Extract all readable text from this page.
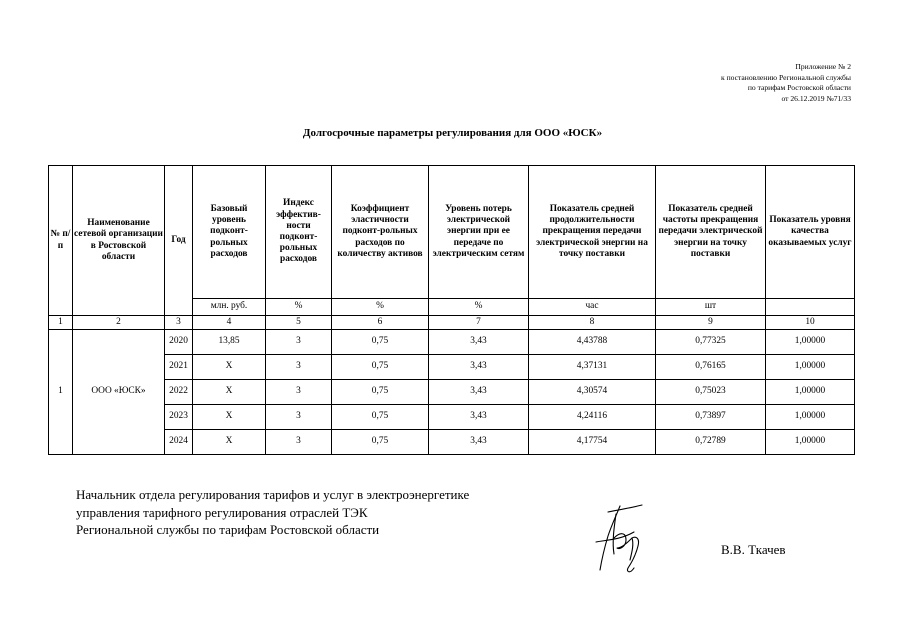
Приложение № 2
к постановлению Региональной службы
по тарифам Ростовской области
от 26.12.2019 №71/33
Долгосрочные параметры регулирования для ООО «ЮСК»
№ п/п	Наименование сетевой организации в Ростовской области	Год	Базовый уровень подконт-рольных расходов	Индекс эффектив-ности подконт-рольных расходов	Коэффициент эластичности подконт-рольных расходов по количеству активов	Уровень потерь электрической энергии при ее передаче по электрическим сетям	Показатель средней продолжительности прекращения передачи электрической энергии на точку поставки	Показатель средней частоты прекращения передачи электрической энергии на точку поставки	Показатель уровня качества оказываемых услуг
			млн. руб.	%	%	%	час	шт	
1	2	3	4	5	6	7	8	9	10
1	ООО «ЮСК»	2020	13,85	3	0,75	3,43	4,43788	0,77325	1,00000
		2021	X	3	0,75	3,43	4,37131	0,76165	1,00000
		2022	X	3	0,75	3,43	4,30574	0,75023	1,00000
		2023	X	3	0,75	3,43	4,24116	0,73897	1,00000
		2024	X	3	0,75	3,43	4,17754	0,72789	1,00000
Начальник отдела регулирования тарифов и услуг в электроэнергетике
управления тарифного регулирования отраслей ТЭК
Региональной службы по тарифам Ростовской области
В.В. Ткачев
